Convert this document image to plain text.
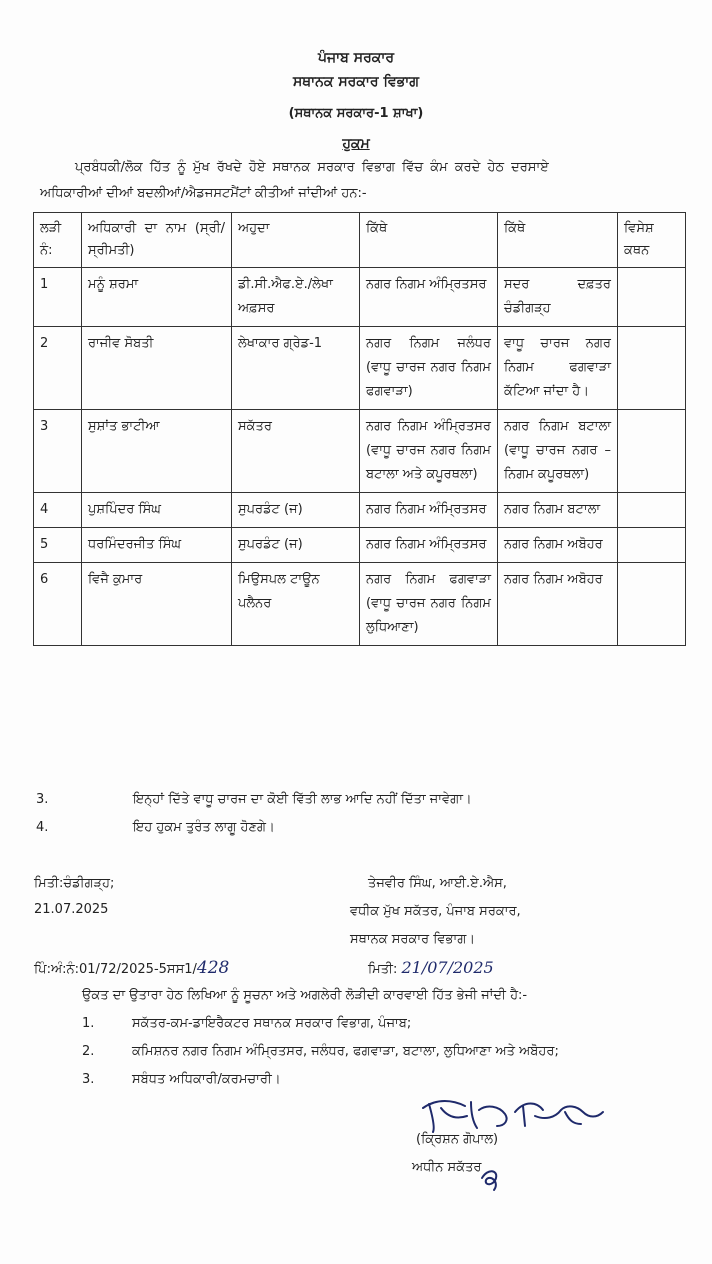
ਪੰਜਾਬ ਸਰਕਾਰ
ਸਥਾਨਕ ਸਰਕਾਰ ਵਿਭਾਗ
(ਸਥਾਨਕ ਸਰਕਾਰ-1 ਸ਼ਾਖਾ)
ਹੁਕਮ
ਪ੍ਰਬੰਧਕੀ/ਲੋਕ ਹਿੱਤ ਨੂੰ ਮੁੱਖ ਰੱਖਦੇ ਹੋਏ ਸਥਾਨਕ ਸਰਕਾਰ ਵਿਭਾਗ ਵਿੱਚ ਕੰਮ ਕਰਦੇ ਹੇਠ ਦਰਸਾਏ
ਅਧਿਕਾਰੀਆਂ ਦੀਆਂ ਬਦਲੀਆਂ/ਐਡਜਸਟਮੈਂਟਾਂ ਕੀਤੀਆਂ ਜਾਂਦੀਆਂ ਹਨ:-
ਲੜੀ ਨੰ:	ਅਧਿਕਾਰੀ ਦਾ ਨਾਮ (ਸ੍ਰੀ/ਸ੍ਰੀਮਤੀ)	ਅਹੁਦਾ	ਕਿੱਥੇ	ਕਿੱਥੇ	ਵਿਸੇਸ਼ ਕਥਨ
1	ਮਨੂੰ ਸ਼ਰਮਾ	ਡੀ.ਸੀ.ਐਫ.ਏ./ਲੇਖਾ ਅਫ਼ਸਰ	ਨਗਰ ਨਿਗਮ ਅੰਮ੍ਰਿਤਸਰ	ਸਦਰ ਦਫ਼ਤਰ ਚੰਡੀਗੜ੍ਹ	
2	ਰਾਜੀਵ ਸੋਬਤੀ	ਲੇਖਾਕਾਰ ਗ੍ਰੇਡ-1	ਨਗਰ ਨਿਗਮ ਜਲੰਧਰ (ਵਾਧੂ ਚਾਰਜ ਨਗਰ ਨਿਗਮ ਫਗਵਾੜਾ)	ਵਾਧੂ ਚਾਰਜ ਨਗਰ ਨਿਗਮ ਫਗਵਾੜਾ ਕੱਟਿਆ ਜਾਂਦਾ ਹੈ।	
3	ਸੁਸ਼ਾਂਤ ਭਾਟੀਆ	ਸਕੱਤਰ	ਨਗਰ ਨਿਗਮ ਅੰਮ੍ਰਿਤਸਰ (ਵਾਧੂ ਚਾਰਜ ਨਗਰ ਨਿਗਮ ਬਟਾਲਾ ਅਤੇ ਕਪੂਰਥਲਾ)	ਨਗਰ ਨਿਗਮ ਬਟਾਲਾ (ਵਾਧੂ ਚਾਰਜ ਨਗਰ – ਨਿਗਮ ਕਪੂਰਥਲਾ)	
4	ਪੁਸ਼ਪਿੰਦਰ ਸਿੰਘ	ਸੁਪਰਡੰਟ (ਜ)	ਨਗਰ ਨਿਗਮ ਅੰਮ੍ਰਿਤਸਰ	ਨਗਰ ਨਿਗਮ ਬਟਾਲਾ	
5	ਧਰਮਿੰਦਰਜੀਤ ਸਿੰਘ	ਸੁਪਰਡੰਟ (ਜ)	ਨਗਰ ਨਿਗਮ ਅੰਮ੍ਰਿਤਸਰ	ਨਗਰ ਨਿਗਮ ਅਬੋਹਰ	
6	ਵਿਜੈ ਕੁਮਾਰ	ਮਿਉਸਪਲ ਟਾਊਨ ਪਲੈਨਰ	ਨਗਰ ਨਿਗਮ ਫਗਵਾੜਾ (ਵਾਧੂ ਚਾਰਜ ਨਗਰ ਨਿਗਮ ਲੁਧਿਆਣਾ)	ਨਗਰ ਨਿਗਮ ਅਬੋਹਰ	
3.	ਇਨ੍ਹਾਂ ਦਿੱਤੇ ਵਾਧੂ ਚਾਰਜ ਦਾ ਕੋਈ ਵਿੱਤੀ ਲਾਭ ਆਦਿ ਨਹੀਂ ਦਿੱਤਾ ਜਾਵੇਗਾ।
4.	ਇਹ ਹੁਕਮ ਤੁਰੰਤ ਲਾਗੂ ਹੋਣਗੇ।
ਮਿਤੀ:ਚੰਡੀਗੜ੍ਹ;
21.07.2025
ਤੇਜਵੀਰ ਸਿੰਘ, ਆਈ.ਏ.ਐਸ,
ਵਧੀਕ ਮੁੱਖ ਸਕੱਤਰ, ਪੰਜਾਬ ਸਰਕਾਰ,
ਸਥਾਨਕ ਸਰਕਾਰ ਵਿਭਾਗ।
ਪਿੰ:ਅੰ:ਨੰ:01/72/2025-5ਸਸ1/428	ਮਿਤੀ: 21/07/2025
ਉਕਤ ਦਾ ਉਤਾਰਾ ਹੇਠ ਲਿਖਿਆ ਨੂੰ ਸੂਚਨਾ ਅਤੇ ਅਗਲੇਰੀ ਲੋੜੀਦੀ ਕਾਰਵਾਈ ਹਿੱਤ ਭੇਜੀ ਜਾਂਦੀ ਹੈ:-
1.	ਸਕੱਤਰ-ਕਮ-ਡਾਇਰੈਕਟਰ ਸਥਾਨਕ ਸਰਕਾਰ ਵਿਭਾਗ, ਪੰਜਾਬ;
2.	ਕਮਿਸ਼ਨਰ ਨਗਰ ਨਿਗਮ ਅੰਮ੍ਰਿਤਸਰ, ਜਲੰਧਰ, ਫਗਵਾੜਾ, ਬਟਾਲਾ, ਲੁਧਿਆਣਾ ਅਤੇ ਅਬੋਹਰ;
3.	ਸਬੰਧਤ ਅਧਿਕਾਰੀ/ਕਰਮਚਾਰੀ।
(ਕ੍ਰਿਸ਼ਨ ਗੋਪਾਲ)
ਅਧੀਨ ਸਕੱਤਰ
